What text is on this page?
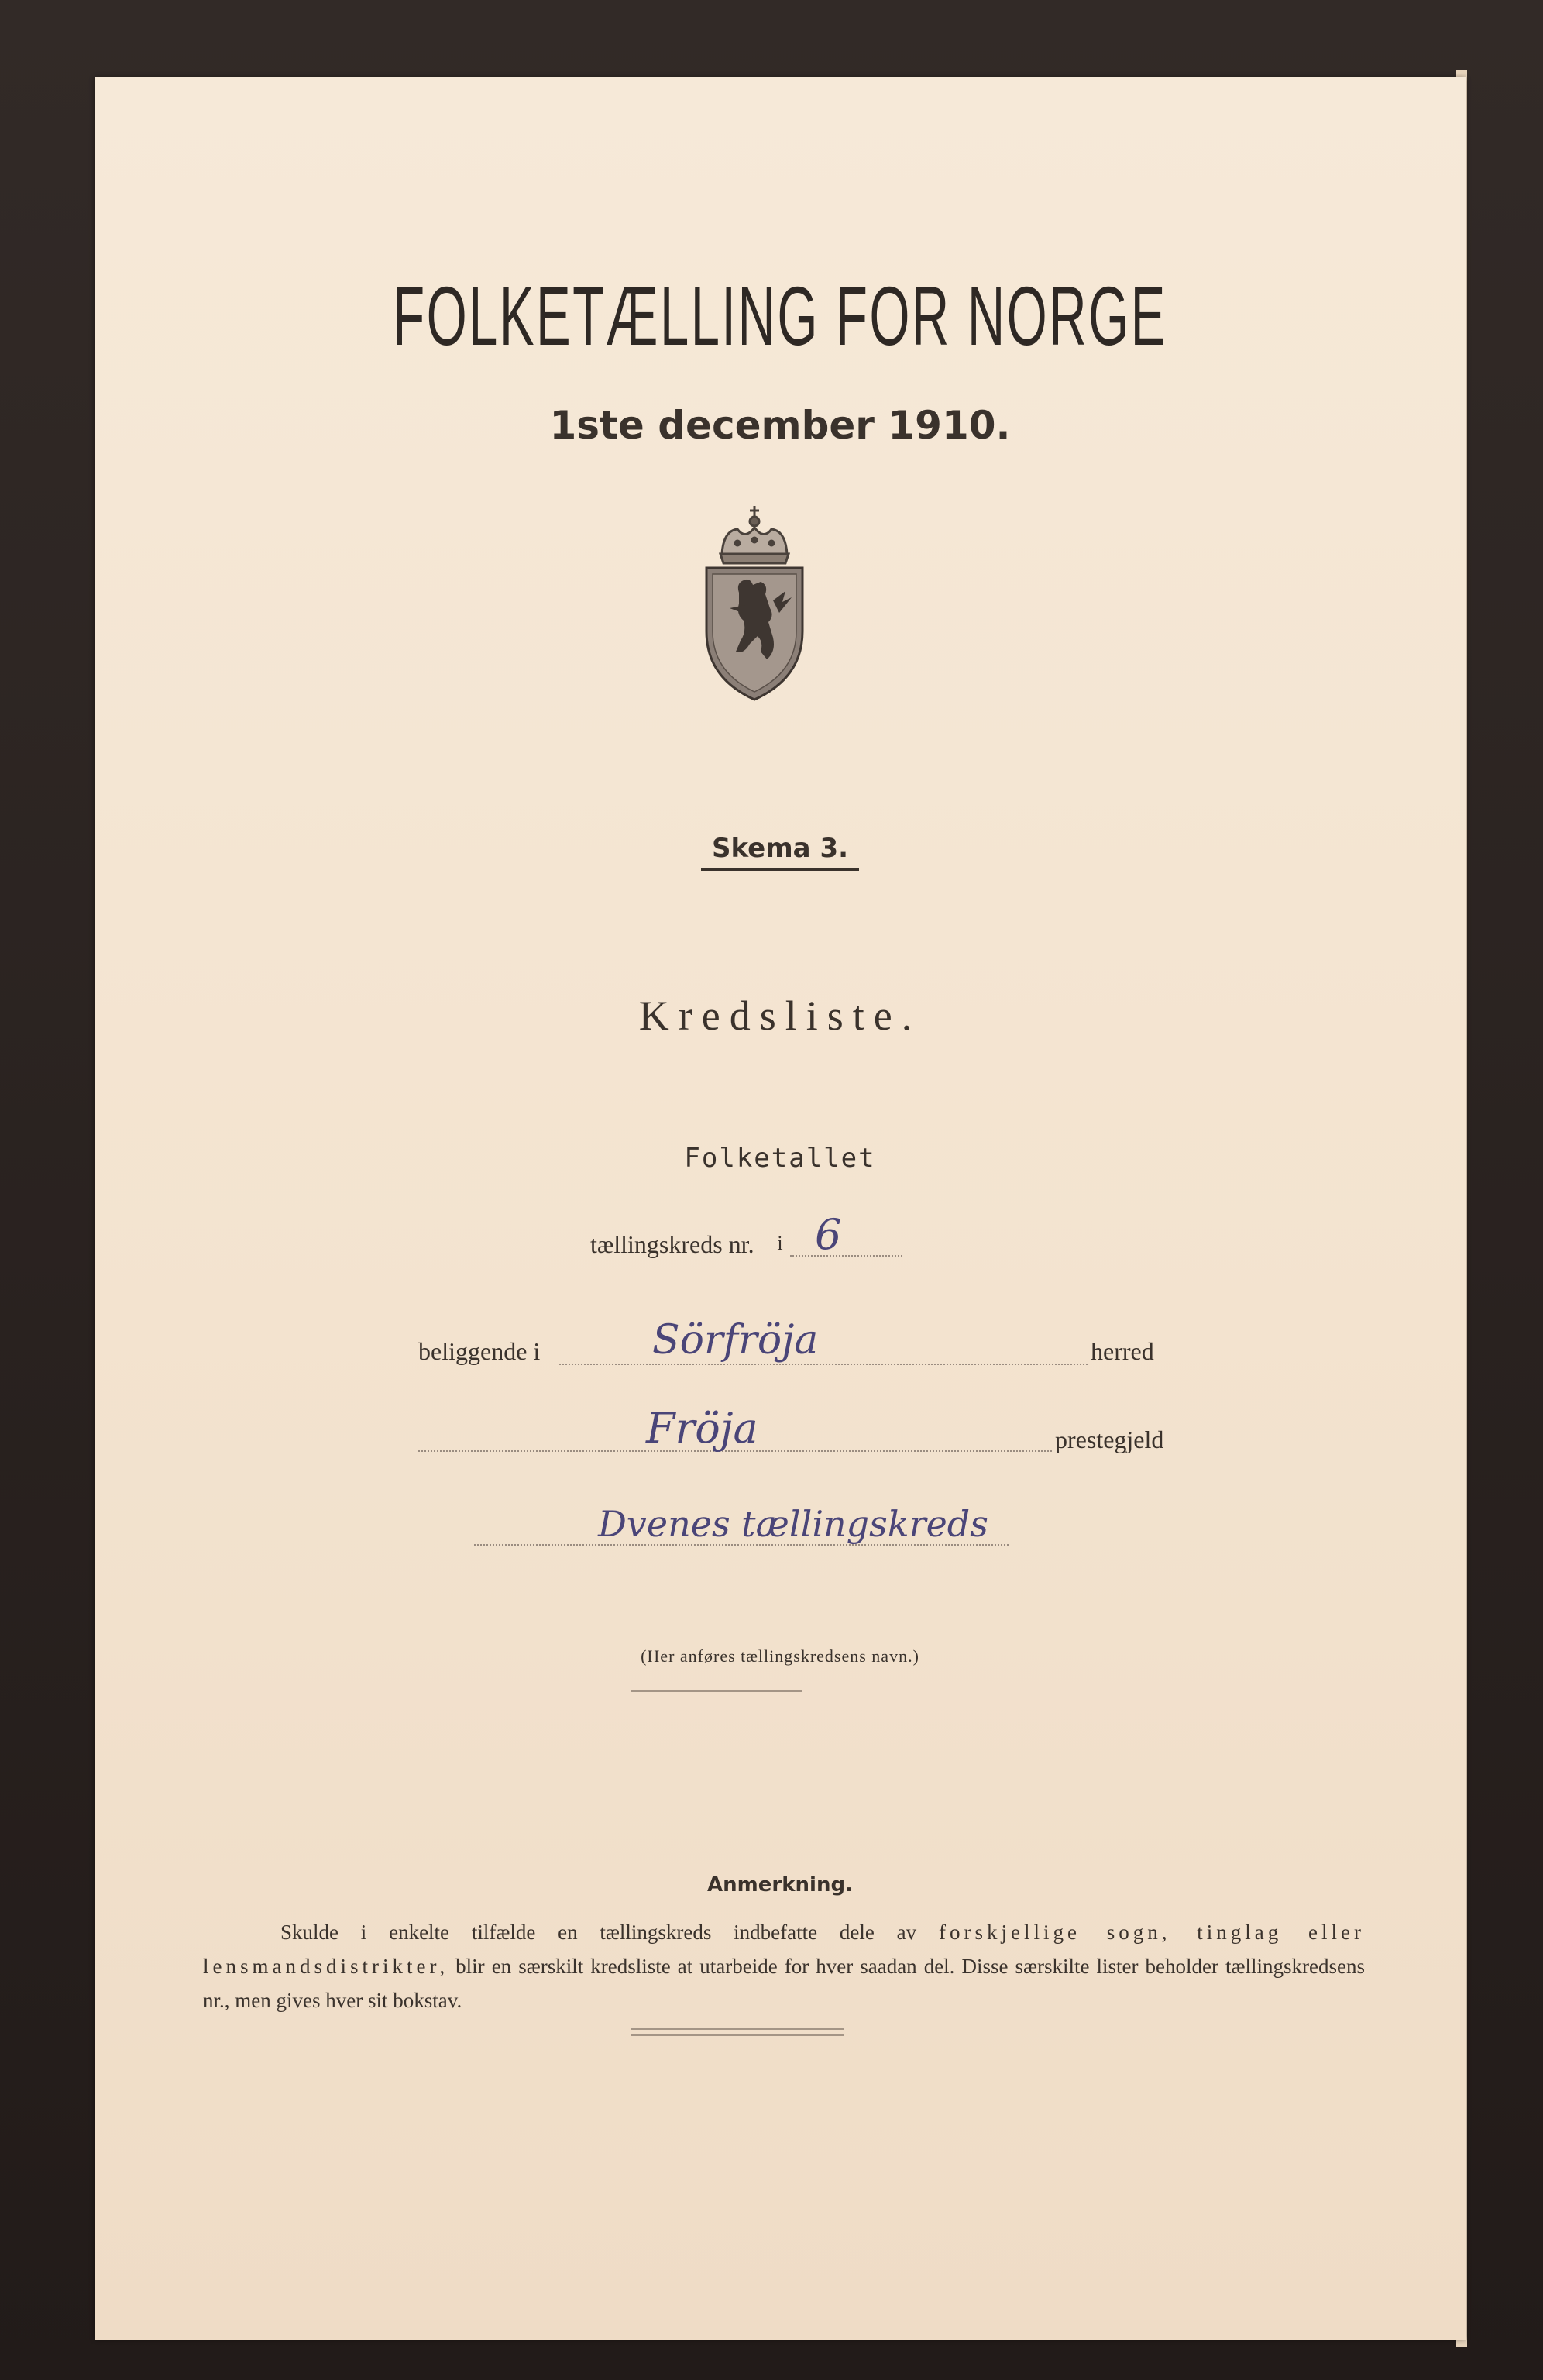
FOLKETÆLLING FOR NORGE
1ste december 1910.
Skema 3.
Kredsliste.
Folketallet
i
tællingskreds nr. 6
beliggende i	Sörfröja	herred
Fröja	prestegjeld
Dvenes tællingskreds
(Her anføres tællingskredsens navn.)
Anmerkning.
Skulde i enkelte tilfælde en tællingskreds indbefatte dele av forskjellige sogn, tinglag eller lensmandsdistrikter, blir en særskilt kredsliste at utarbeide for hver saadan del. Disse særskilte lister beholder tællingskredsens nr., men gives hver sit bokstav.
